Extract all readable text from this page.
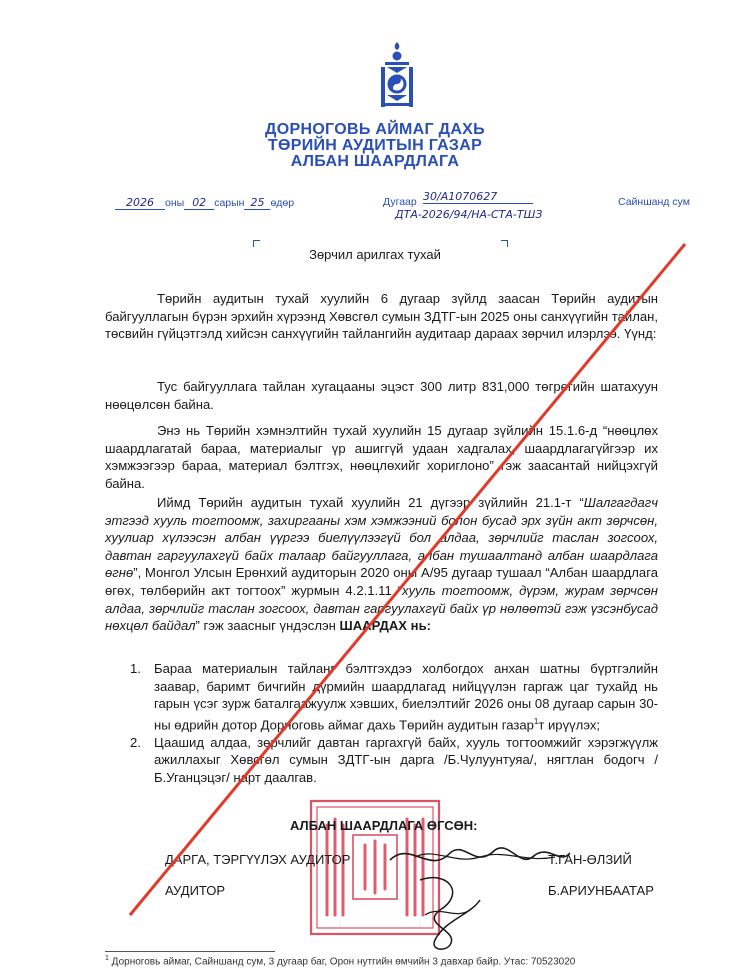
ДОРНОГОВЬ АЙМАГ ДАХЬ
ТӨРИЙН АУДИТЫН ГАЗАР
АЛБАН ШААРДЛАГА
2026 оны 02 сарын 25 өдөр	Дугаар 30/А1070627
ДТА-2026/94/НА-СТА-ТШЗ
Сайншанд сум
Зөрчил арилгах тухай
Төрийн аудитын тухай хуулийн 6 дугаар зүйлд заасан Төрийн аудитын байгууллагын бүрэн эрхийн хүрээнд Хөвсгөл сумын ЗДТГ-ын 2025 оны санхүүгийн тайлан, төсвийн гүйцэтгэлд хийсэн санхүүгийн тайлангийн аудитаар дараах зөрчил илэрлээ. Үүнд:
Тус байгууллага тайлан хугацааны эцэст 300 литр 831,000 төгрөгийн шатахуун нөөцөлсөн байна.
Энэ нь Төрийн хэмнэлтийн тухай хуулийн 15 дугаар зүйлийн 15.1.6-д “нөөцлөх шаардлагатай бараа, материалыг үр ашиггүй удаан хадгалах, шаардлагагүйгээр их хэмжээгээр бараа, материал бэлтгэх, нөөцлөхийг хориглоно” гэж заасантай нийцэхгүй байна.
Иймд Төрийн аудитын тухай хуулийн 21 дүгээр зүйлийн 21.1-т “Шалгагдагч этгээд хууль тогтоомж, захиргааны хэм хэмжээний болон бусад эрх зүйн акт зөрчсөн, хуулиар хүлээсэн албан үүргээ биелүүлээгүй бол алдаа, зөрчлийг таслан зогсоох, давтан гаргуулахгүй байх талаар байгууллага, албан тушаалтанд албан шаардлага өгнө”, Монгол Улсын Ерөнхий аудиторын 2020 оны А/95 дугаар тушаал “Албан шаардлага өгөх, төлбөрийн акт тогтоох” журмын 4.2.1.11 “хууль тогтоомж, дүрэм, журам зөрчсөн алдаа, зөрчлийг таслан зогсоох, давтан гаргуулахгүй байх үр нөлөөтэй гэж үзсэнбусад нөхцөл байдал” гэж заасныг үндэслэн ШААРДАХ нь:
1. Бараа материалын тайланг бэлтгэхдээ холбогдох анхан шатны бүртгэлийн заавар, баримт бичгийн дүрмийн шаардлагад нийцүүлэн гаргаж цаг тухайд нь гарын үсэг зурж баталгаажуулж хэвших, биелэлтийг 2026 оны 08 дугаар сарын 30-ны өдрийн дотор Дорноговь аймаг дахь Төрийн аудитын газар$^1$т ирүүлэх;
2. Цаашид алдаа, зөрчлийг давтан гаргахгүй байх, хууль тогтоомжийг хэрэгжүүлж ажиллахыг Хөвсгөл сумын ЗДТГ-ын дарга /Б.Чулуунтуяа/, нягтлан бодогч /Б.Уганцэцэг/ нарт даалгав.
АЛБАН ШААРДЛАГА ӨГСӨН:
ДАРГА, ТЭРГҮҮЛЭХ АУДИТОР	Т.ГАН-ӨЛЗИЙ
АУДИТОР	Б.АРИУНБААТАР
$^1$ Дорноговь аймаг, Сайншанд сум, 3 дугаар баг, Орон нутгийн өмчийн 3 давхар байр. Утас: 70523020
